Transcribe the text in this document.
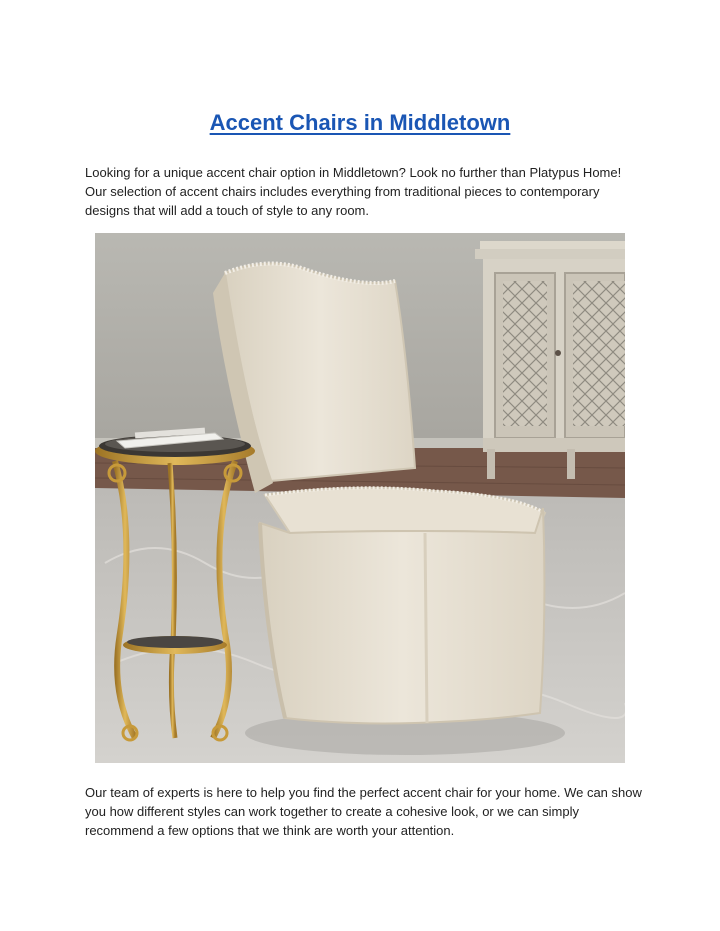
Accent Chairs in Middletown

Looking for a unique accent chair option in Middletown? Look no further than Platypus Home! Our selection of accent chairs includes everything from traditional pieces to contemporary designs that will add a touch of style to any room.

Our team of experts is here to help you find the perfect accent chair for your home. We can show you how different styles can work together to create a cohesive look, or we can simply recommend a few options that we think are worth your attention.
